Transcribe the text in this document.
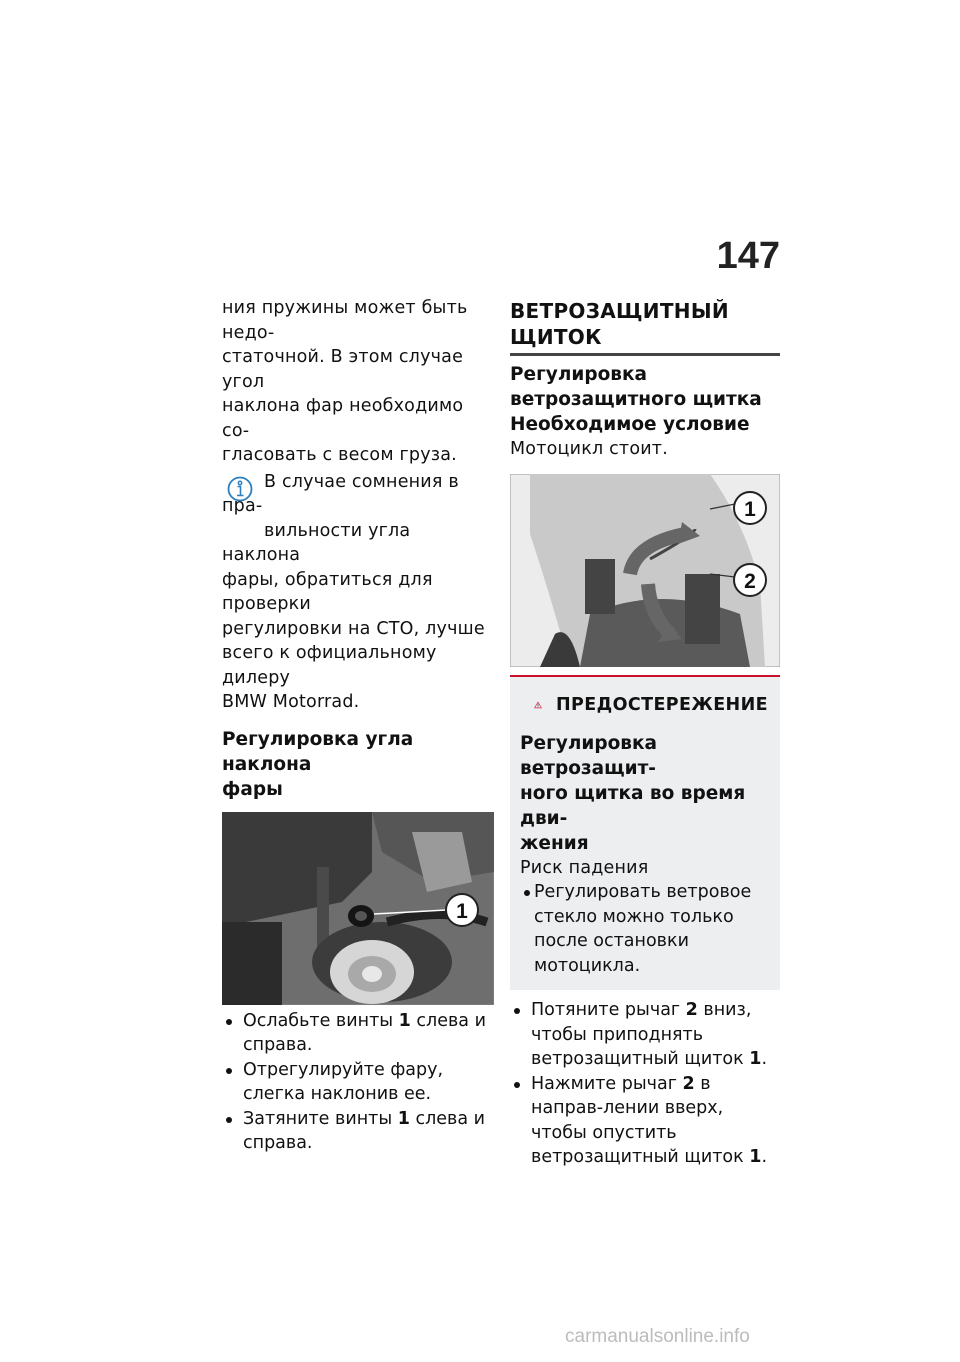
147

ния пружины может быть недо-
статочной. В этом случае угол
наклона фар необходимо со-
гласовать с весом груза.

В случае сомнения в пра-
вильности угла наклона
фары, обратиться для проверки
регулировки на СТО, лучше
всего к официальному дилеру
BMW Motorrad.

Регулировка угла наклона
фары

1
Ослабьте винты 1 слева и справа.
Отрегулируйте фару, слегка наклонив ее.
Затяните винты 1 слева и справа.

ВЕТРОЗАЩИТНЫЙ ЩИТОК

Регулировка
ветрозащитного щитка
Необходимое условие

Мотоцикл стоит.

1
2
ПРЕДОСТЕРЕЖЕНИЕ

Регулировка ветрозащит-
ного щитка во время дви-
жения

Риск падения

Регулировать ветровое стекло можно только после остановки мотоцикла.
Потяните рычаг 2 вниз, чтобы приподнять ветрозащитный щиток 1.
Нажмите рычаг 2 в направ-лении вверх, чтобы опустить ветрозащитный щиток 1.
carmanualsonline.info
